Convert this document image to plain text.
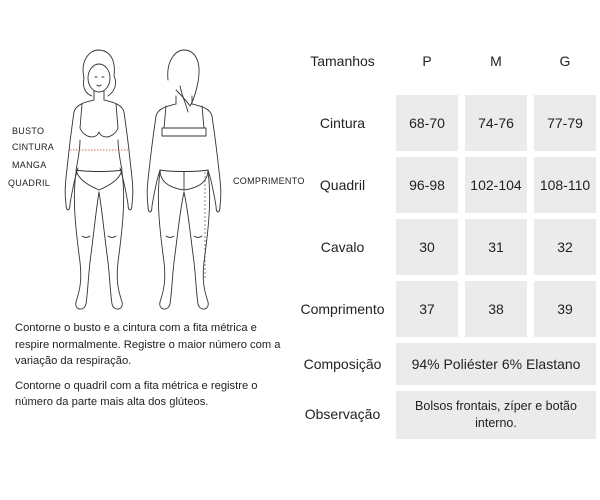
BUSTO
CINTURA
MANGA
QUADRIL	COMPRIMENTO

Contorne o busto e a cintura com a fita métrica e respire normalmente. Registre o maior número com a variação da respiração.

Contorne o quadril com a fita métrica e registre o número da parte mais alta dos glúteos.

Tamanhos	P	M	G
Cintura	68-70	74-76	77-79
Quadril	96-98	102-104	108-110
Cavalo	30	31	32
Comprimento	37	38	39
Composição	94% Poliéster 6% Elastano
Observação	Bolsos frontais, zíper e botão interno.
